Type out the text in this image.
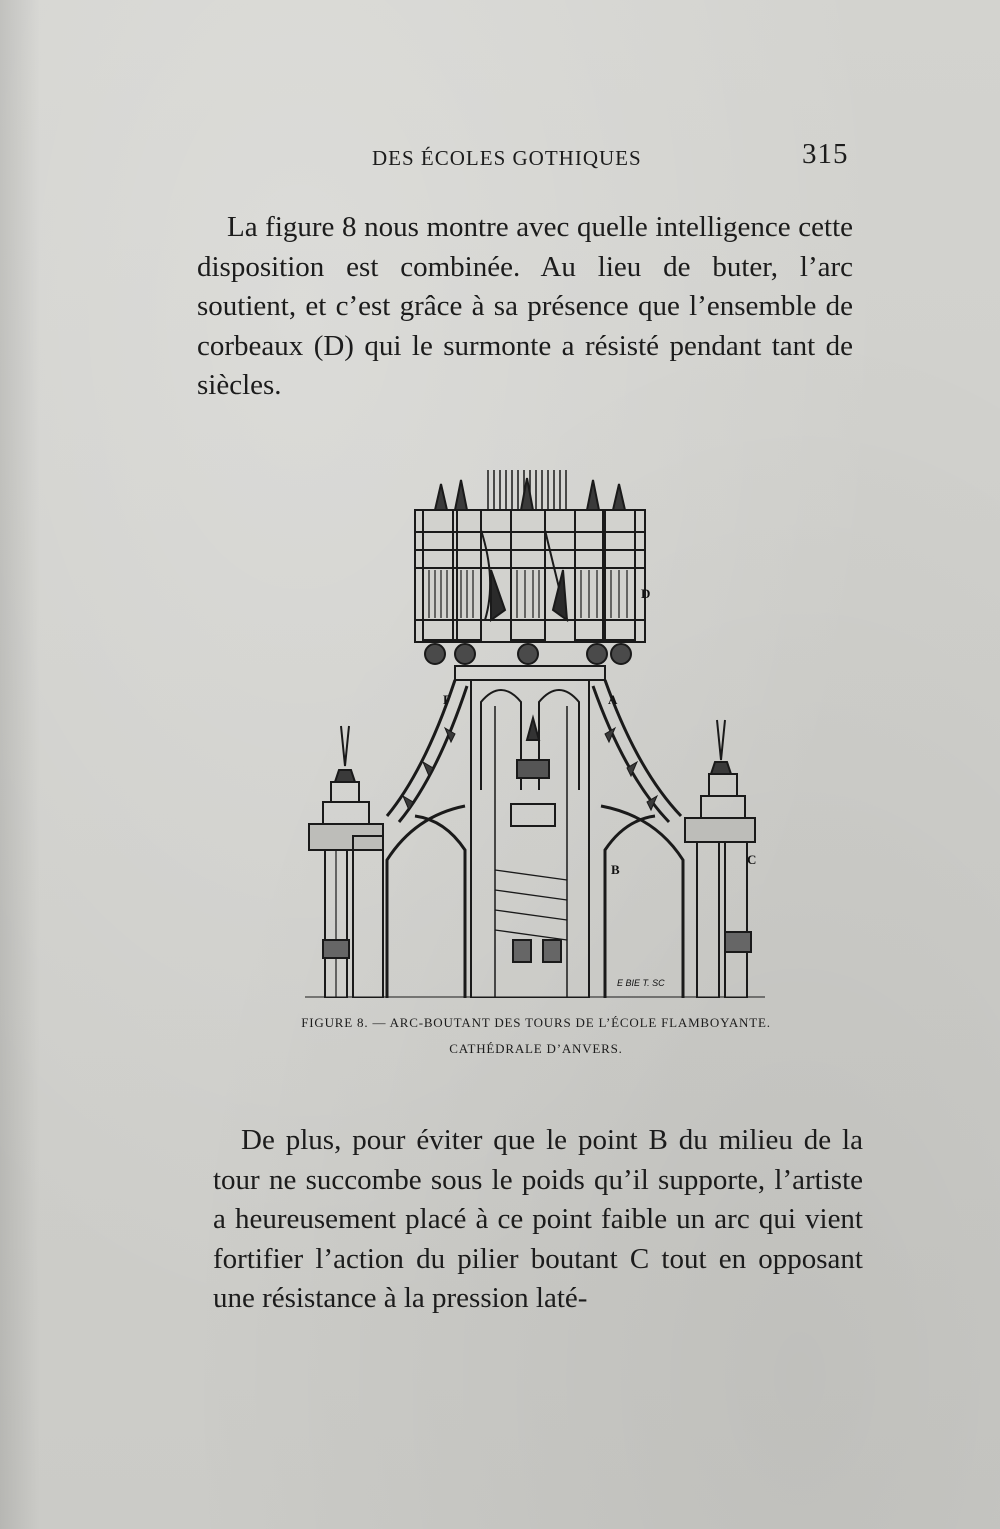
DES ÉCOLES GOTHIQUES	315

La figure 8 nous montre avec quelle intelligence cette disposition est combinée. Au lieu de buter, l’arc soutient, et c’est grâce à sa présence que l’ensemble de corbeaux (D) qui le surmonte a résisté pendant tant de siècles.

D
F	A
B
C
E BIE T. SC
FIGURE 8. — ARC-BOUTANT DES TOURS DE L’ÉCOLE FLAMBOYANTE.
CATHÉDRALE D’ANVERS.

De plus, pour éviter que le point B du milieu de la tour ne succombe sous le poids qu’il supporte, l’artiste a heureusement placé à ce point faible un arc qui vient fortifier l’action du pilier boutant C tout en opposant une résistance à la pression laté-
